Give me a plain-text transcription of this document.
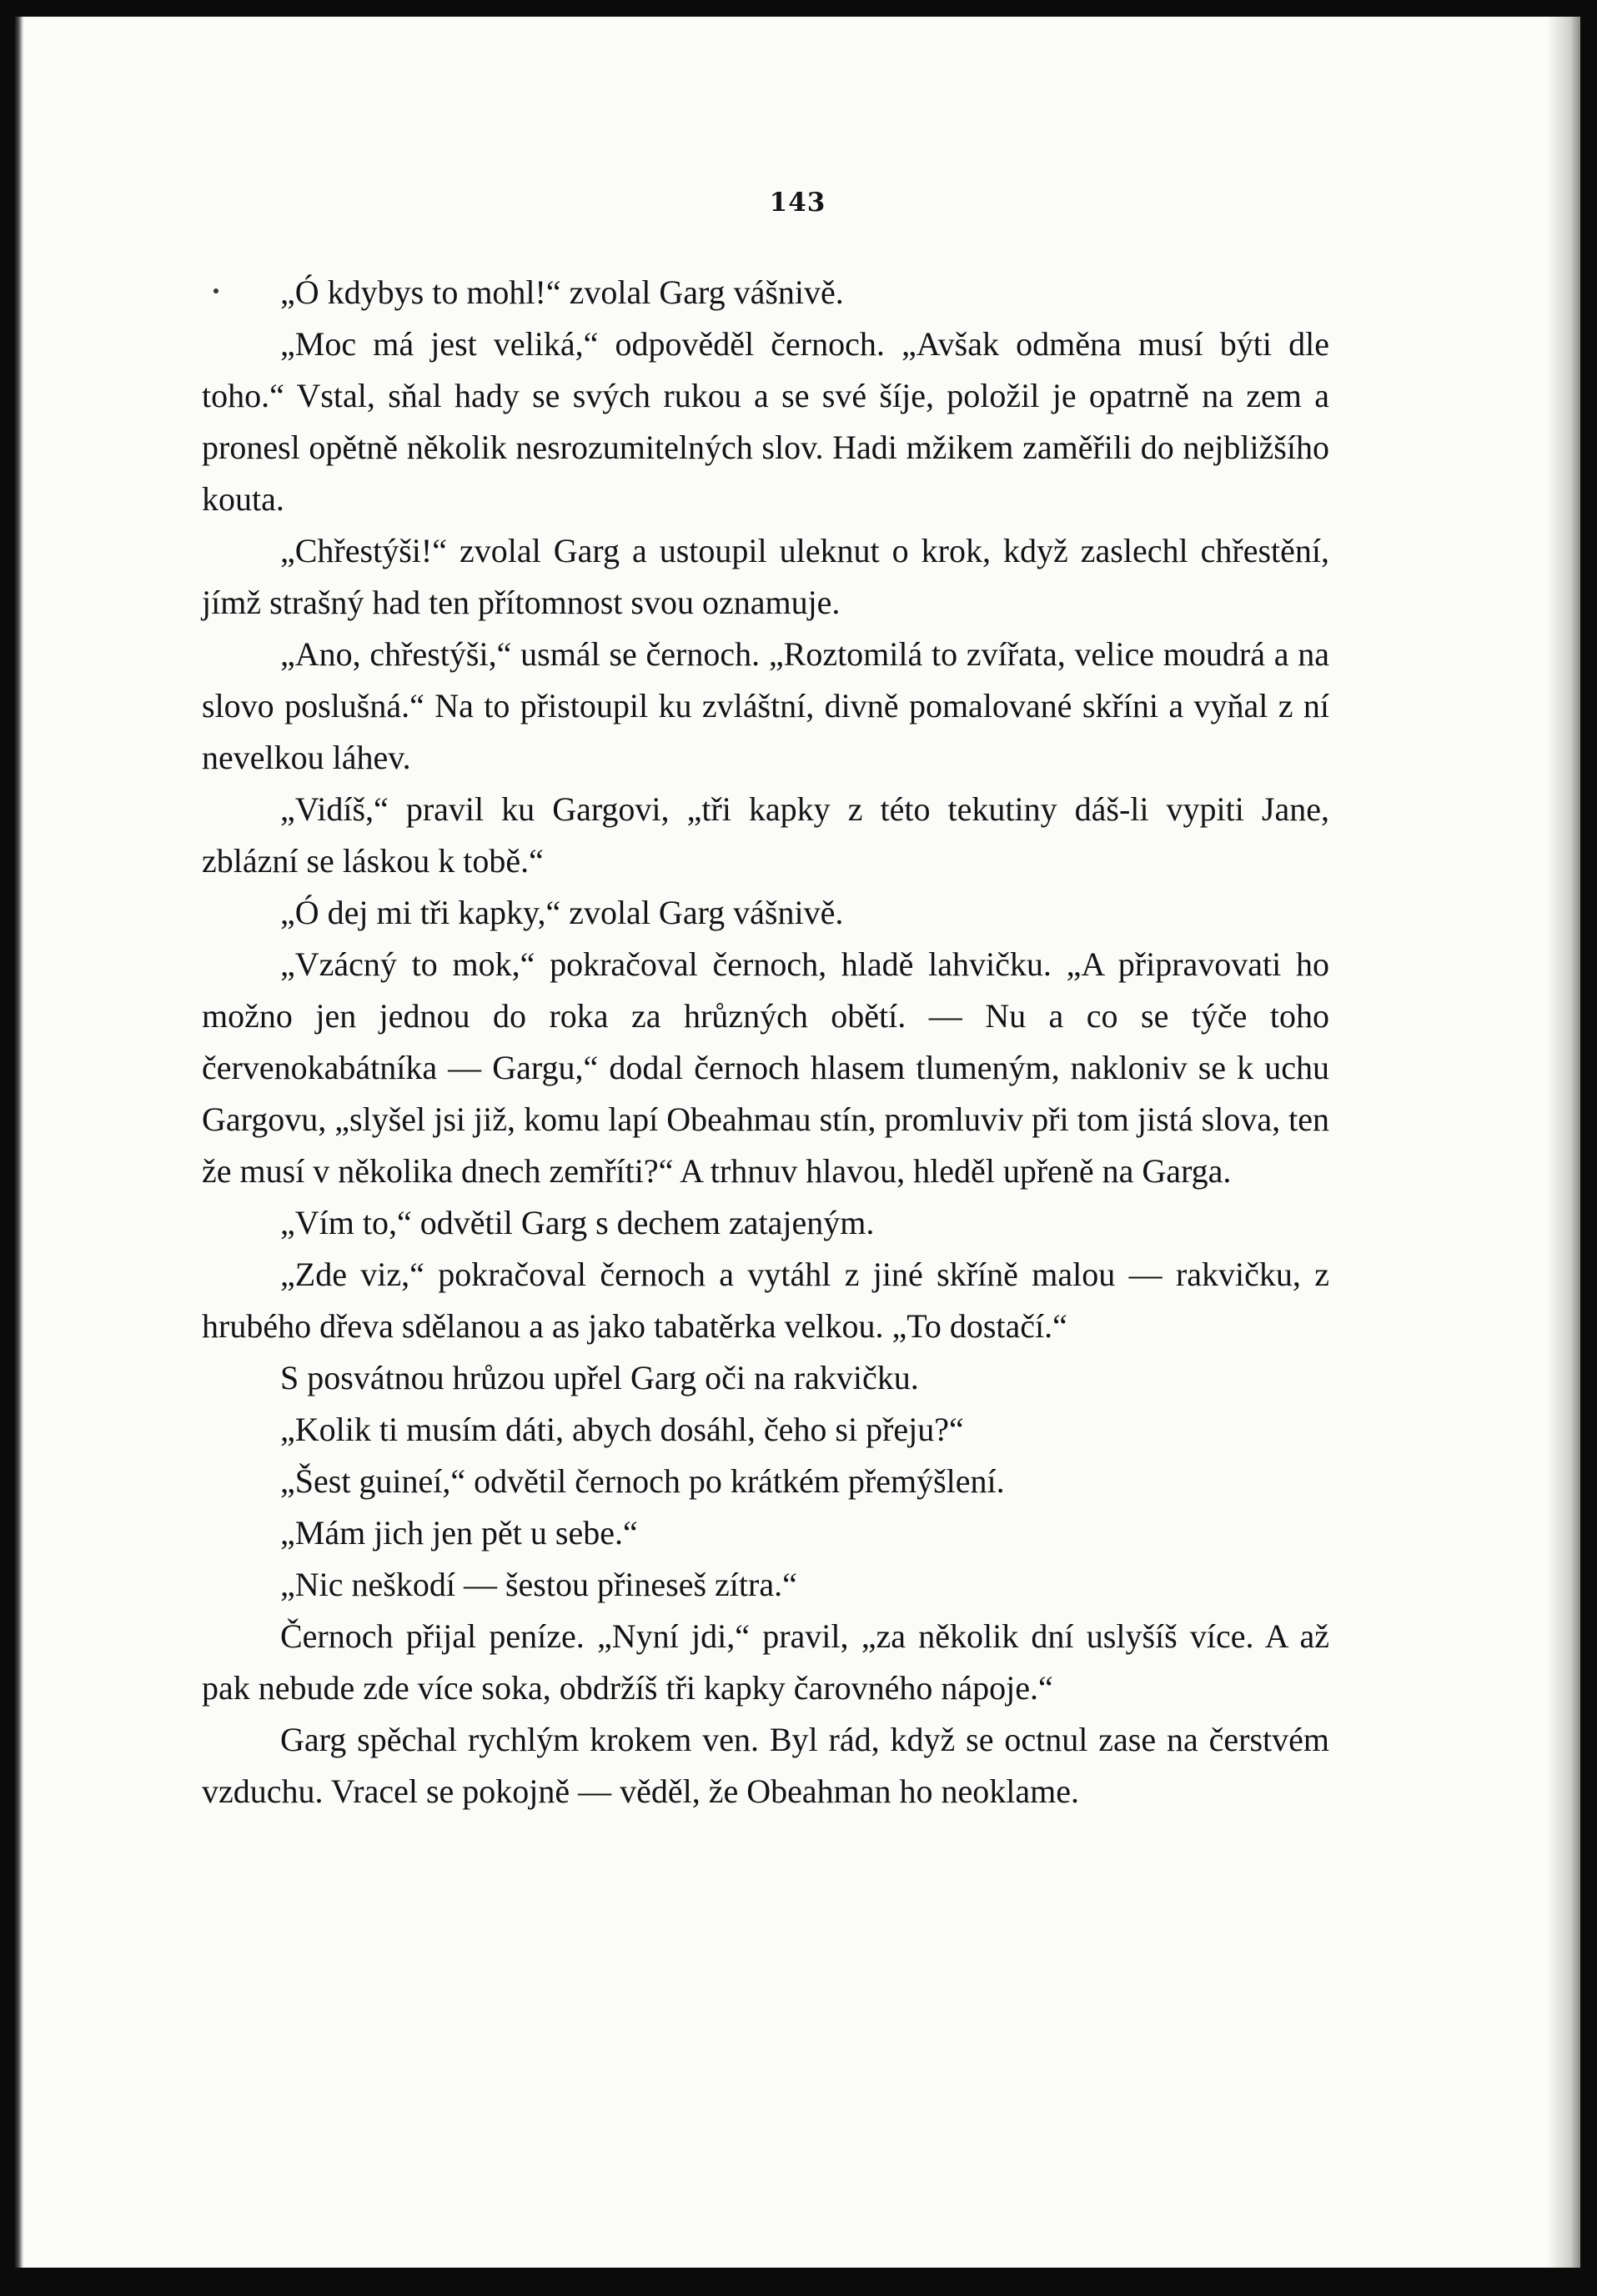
143

„Ó kdybys to mohl!“ zvolal Garg vášnivě.

„Moc má jest veliká,“ odpověděl černoch. „Avšak odměna musí býti dle toho.“ Vstal, sňal hady se svých rukou a se své šíje, položil je opatrně na zem a pronesl opětně několik nesrozumitelných slov. Hadi mžikem zaměřili do nejbližšího kouta.

„Chřestýši!“ zvolal Garg a ustoupil uleknut o krok, když zaslechl chřestění, jímž strašný had ten přítomnost svou oznamuje.

„Ano, chřestýši,“ usmál se černoch. „Roztomilá to zvířata, velice moudrá a na slovo poslušná.“ Na to přistoupil ku zvláštní, divně pomalované skříni a vyňal z ní nevelkou láhev.

„Vidíš,“ pravil ku Gargovi, „tři kapky z této tekutiny dáš-li vypiti Jane, zblázní se láskou k tobě.“

„Ó dej mi tři kapky,“ zvolal Garg vášnivě.

„Vzácný to mok,“ pokračoval černoch, hladě lahvičku. „A připravovati ho možno jen jednou do roka za hrůzných obětí. — Nu a co se týče toho červenokabátníka — Gargu,“ dodal černoch hlasem tlumeným, nakloniv se k uchu Gargovu, „slyšel jsi již, komu lapí Obeahmau stín, promluviv při tom jistá slova, ten že musí v několika dnech zemříti?“ A trhnuv hlavou, hleděl upřeně na Garga.

„Vím to,“ odvětil Garg s dechem zatajeným.

„Zde viz,“ pokračoval černoch a vytáhl z jiné skříně malou — rakvičku, z hrubého dřeva sdělanou a as jako tabatěrka velkou. „To dostačí.“

S posvátnou hrůzou upřel Garg oči na rakvičku.

„Kolik ti musím dáti, abych dosáhl, čeho si přeju?“

„Šest guineí,“ odvětil černoch po krátkém přemýšlení.

„Mám jich jen pět u sebe.“

„Nic neškodí — šestou přineseš zítra.“

Černoch přijal peníze. „Nyní jdi,“ pravil, „za několik dní uslyšíš více. A až pak nebude zde více soka, obdržíš tři kapky čarovného nápoje.“

Garg spěchal rychlým krokem ven. Byl rád, když se octnul zase na čerstvém vzduchu. Vracel se pokojně — věděl, že Obeahman ho neoklame.
